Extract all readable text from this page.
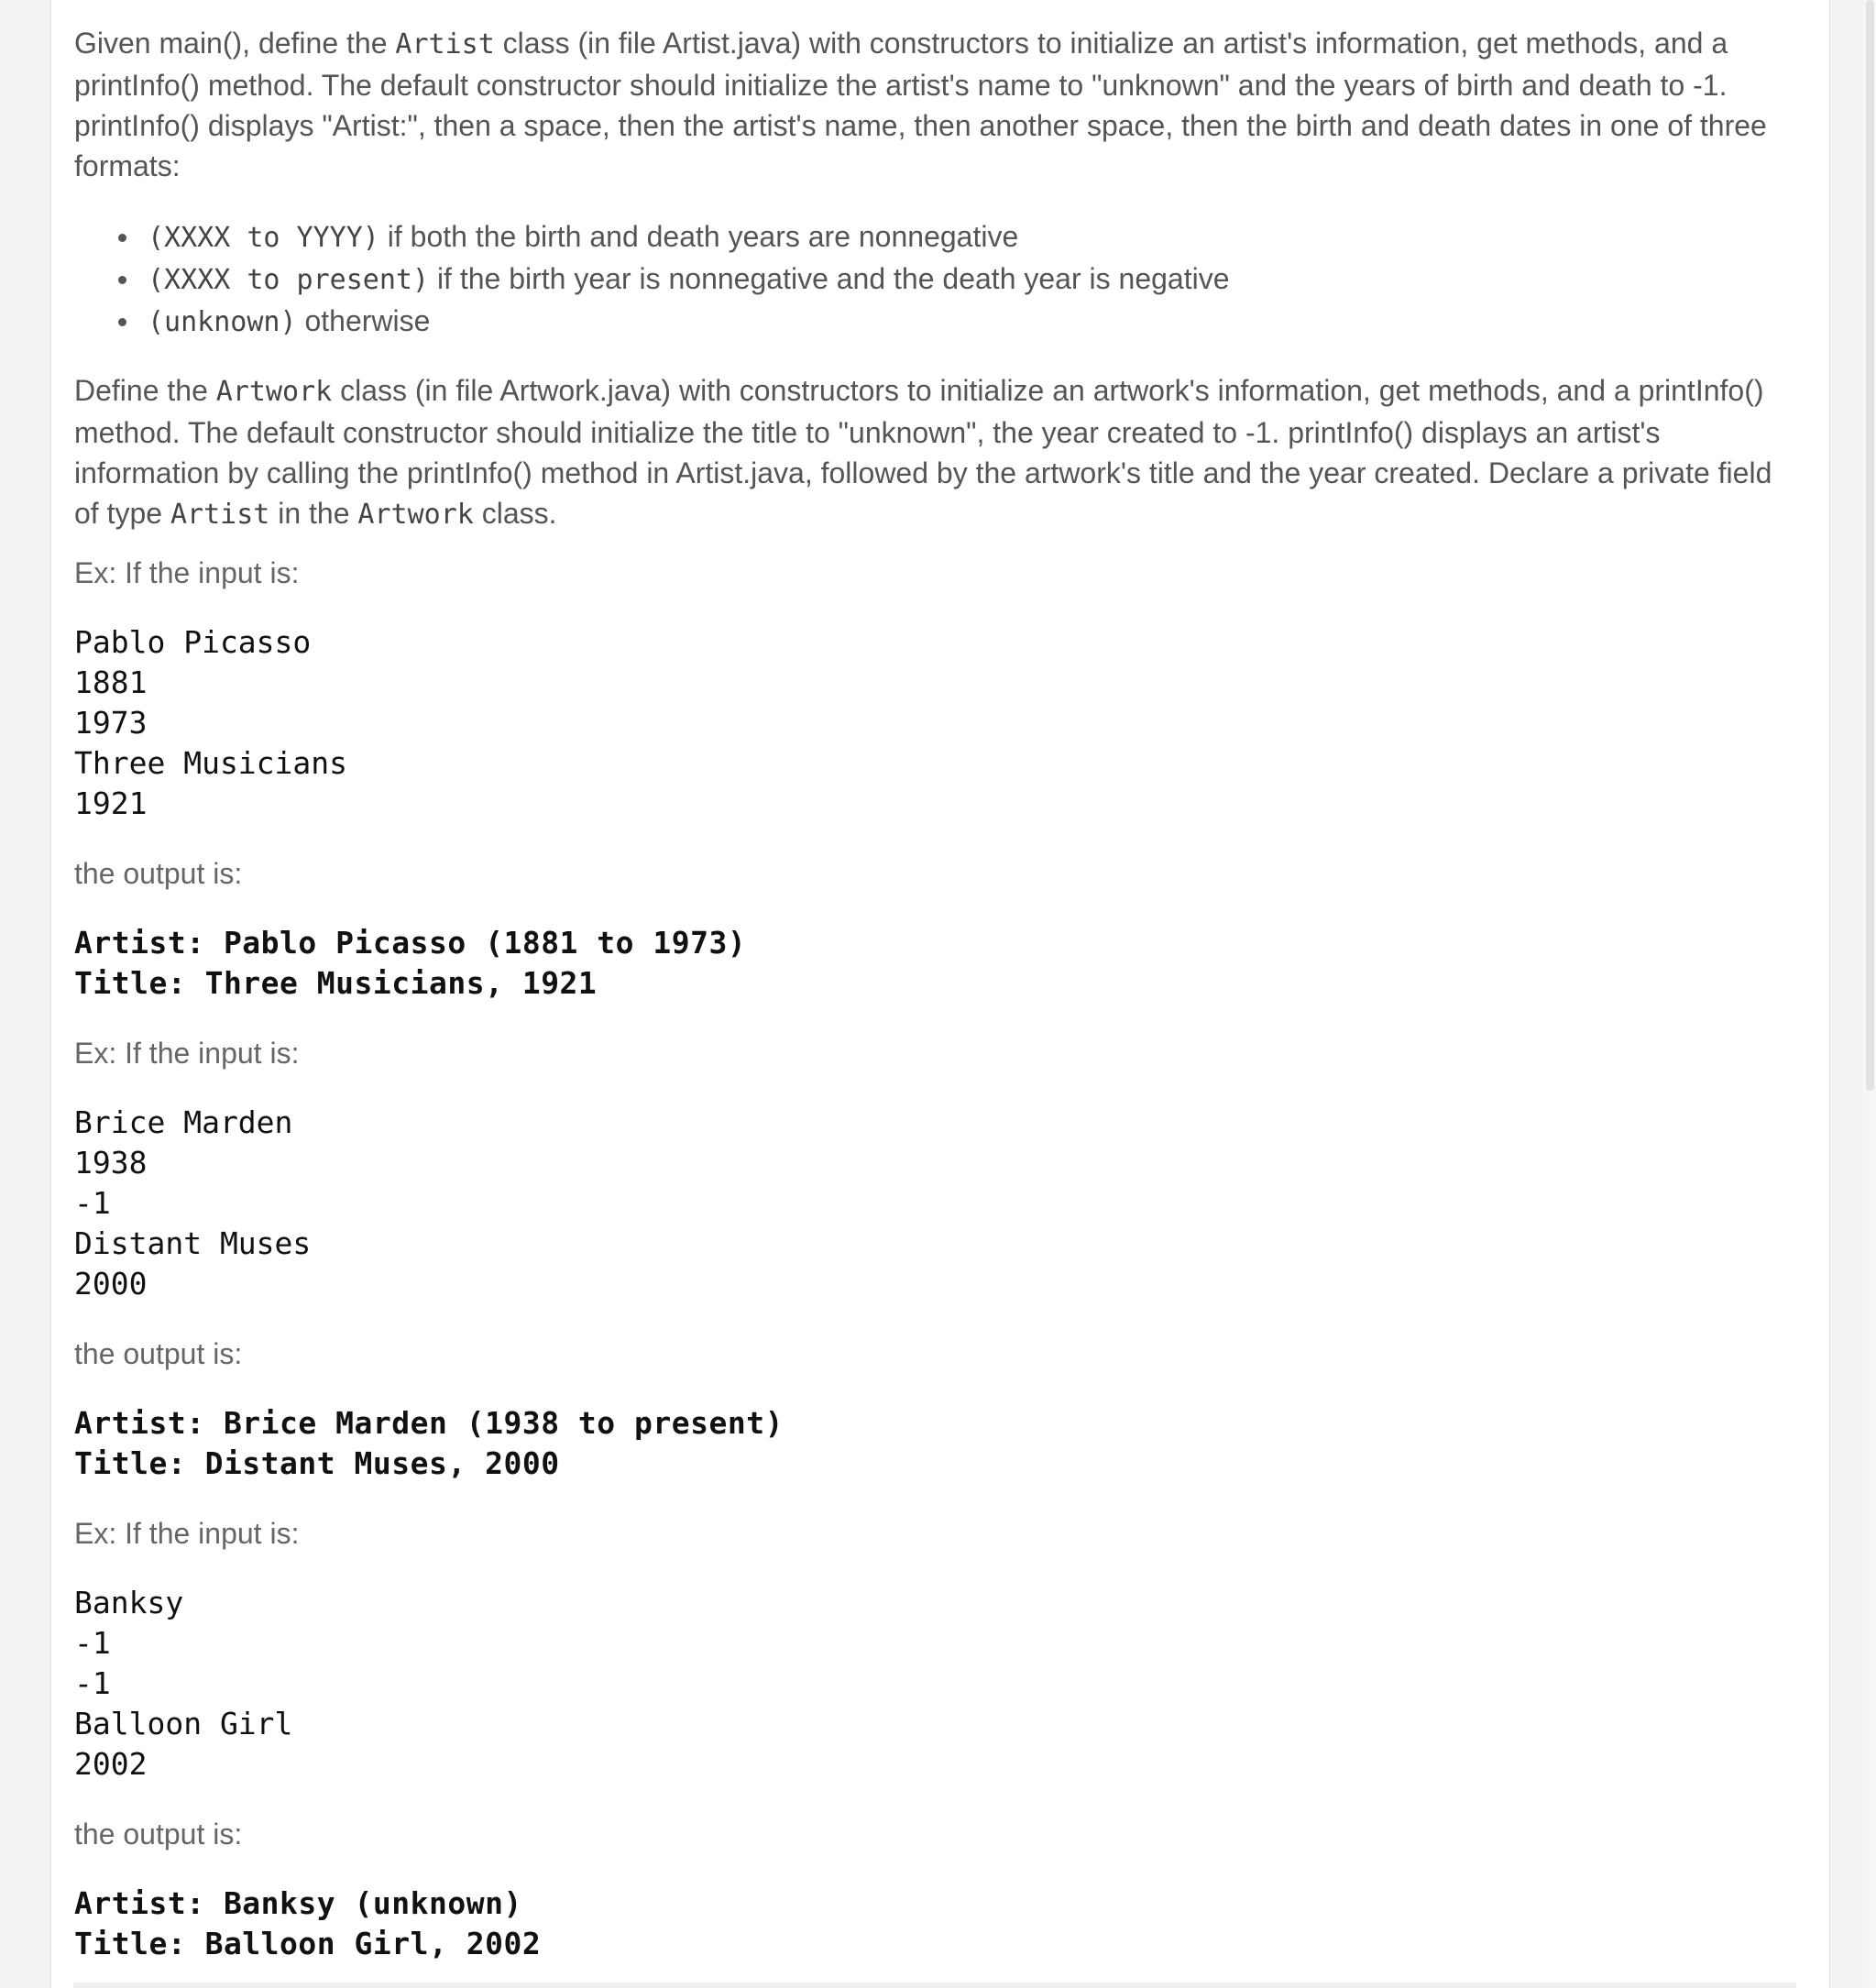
Given main(), define the Artist class (in file Artist.java) with constructors to initialize an artist's information, get methods, and a printInfo() method. The default constructor should initialize the artist's name to "unknown" and the years of birth and death to -1. printInfo() displays "Artist:", then a space, then the artist's name, then another space, then the birth and death dates in one of three formats:

(XXXX to YYYY) if both the birth and death years are nonnegative
(XXXX to present) if the birth year is nonnegative and the death year is negative
(unknown) otherwise

Define the Artwork class (in file Artwork.java) with constructors to initialize an artwork's information, get methods, and a printInfo() method. The default constructor should initialize the title to "unknown", the year created to -1. printInfo() displays an artist's information by calling the printInfo() method in Artist.java, followed by the artwork's title and the year created. Declare a private field of type Artist in the Artwork class.

Ex: If the input is:

Pablo Picasso
1881
1973
Three Musicians
1921

the output is:

Artist: Pablo Picasso (1881 to 1973)
Title: Three Musicians, 1921

Ex: If the input is:

Brice Marden
1938
-1
Distant Muses
2000

the output is:

Artist: Brice Marden (1938 to present)
Title: Distant Muses, 2000

Ex: If the input is:

Banksy
-1
-1
Balloon Girl
2002

the output is:

Artist: Banksy (unknown)
Title: Balloon Girl, 2002
